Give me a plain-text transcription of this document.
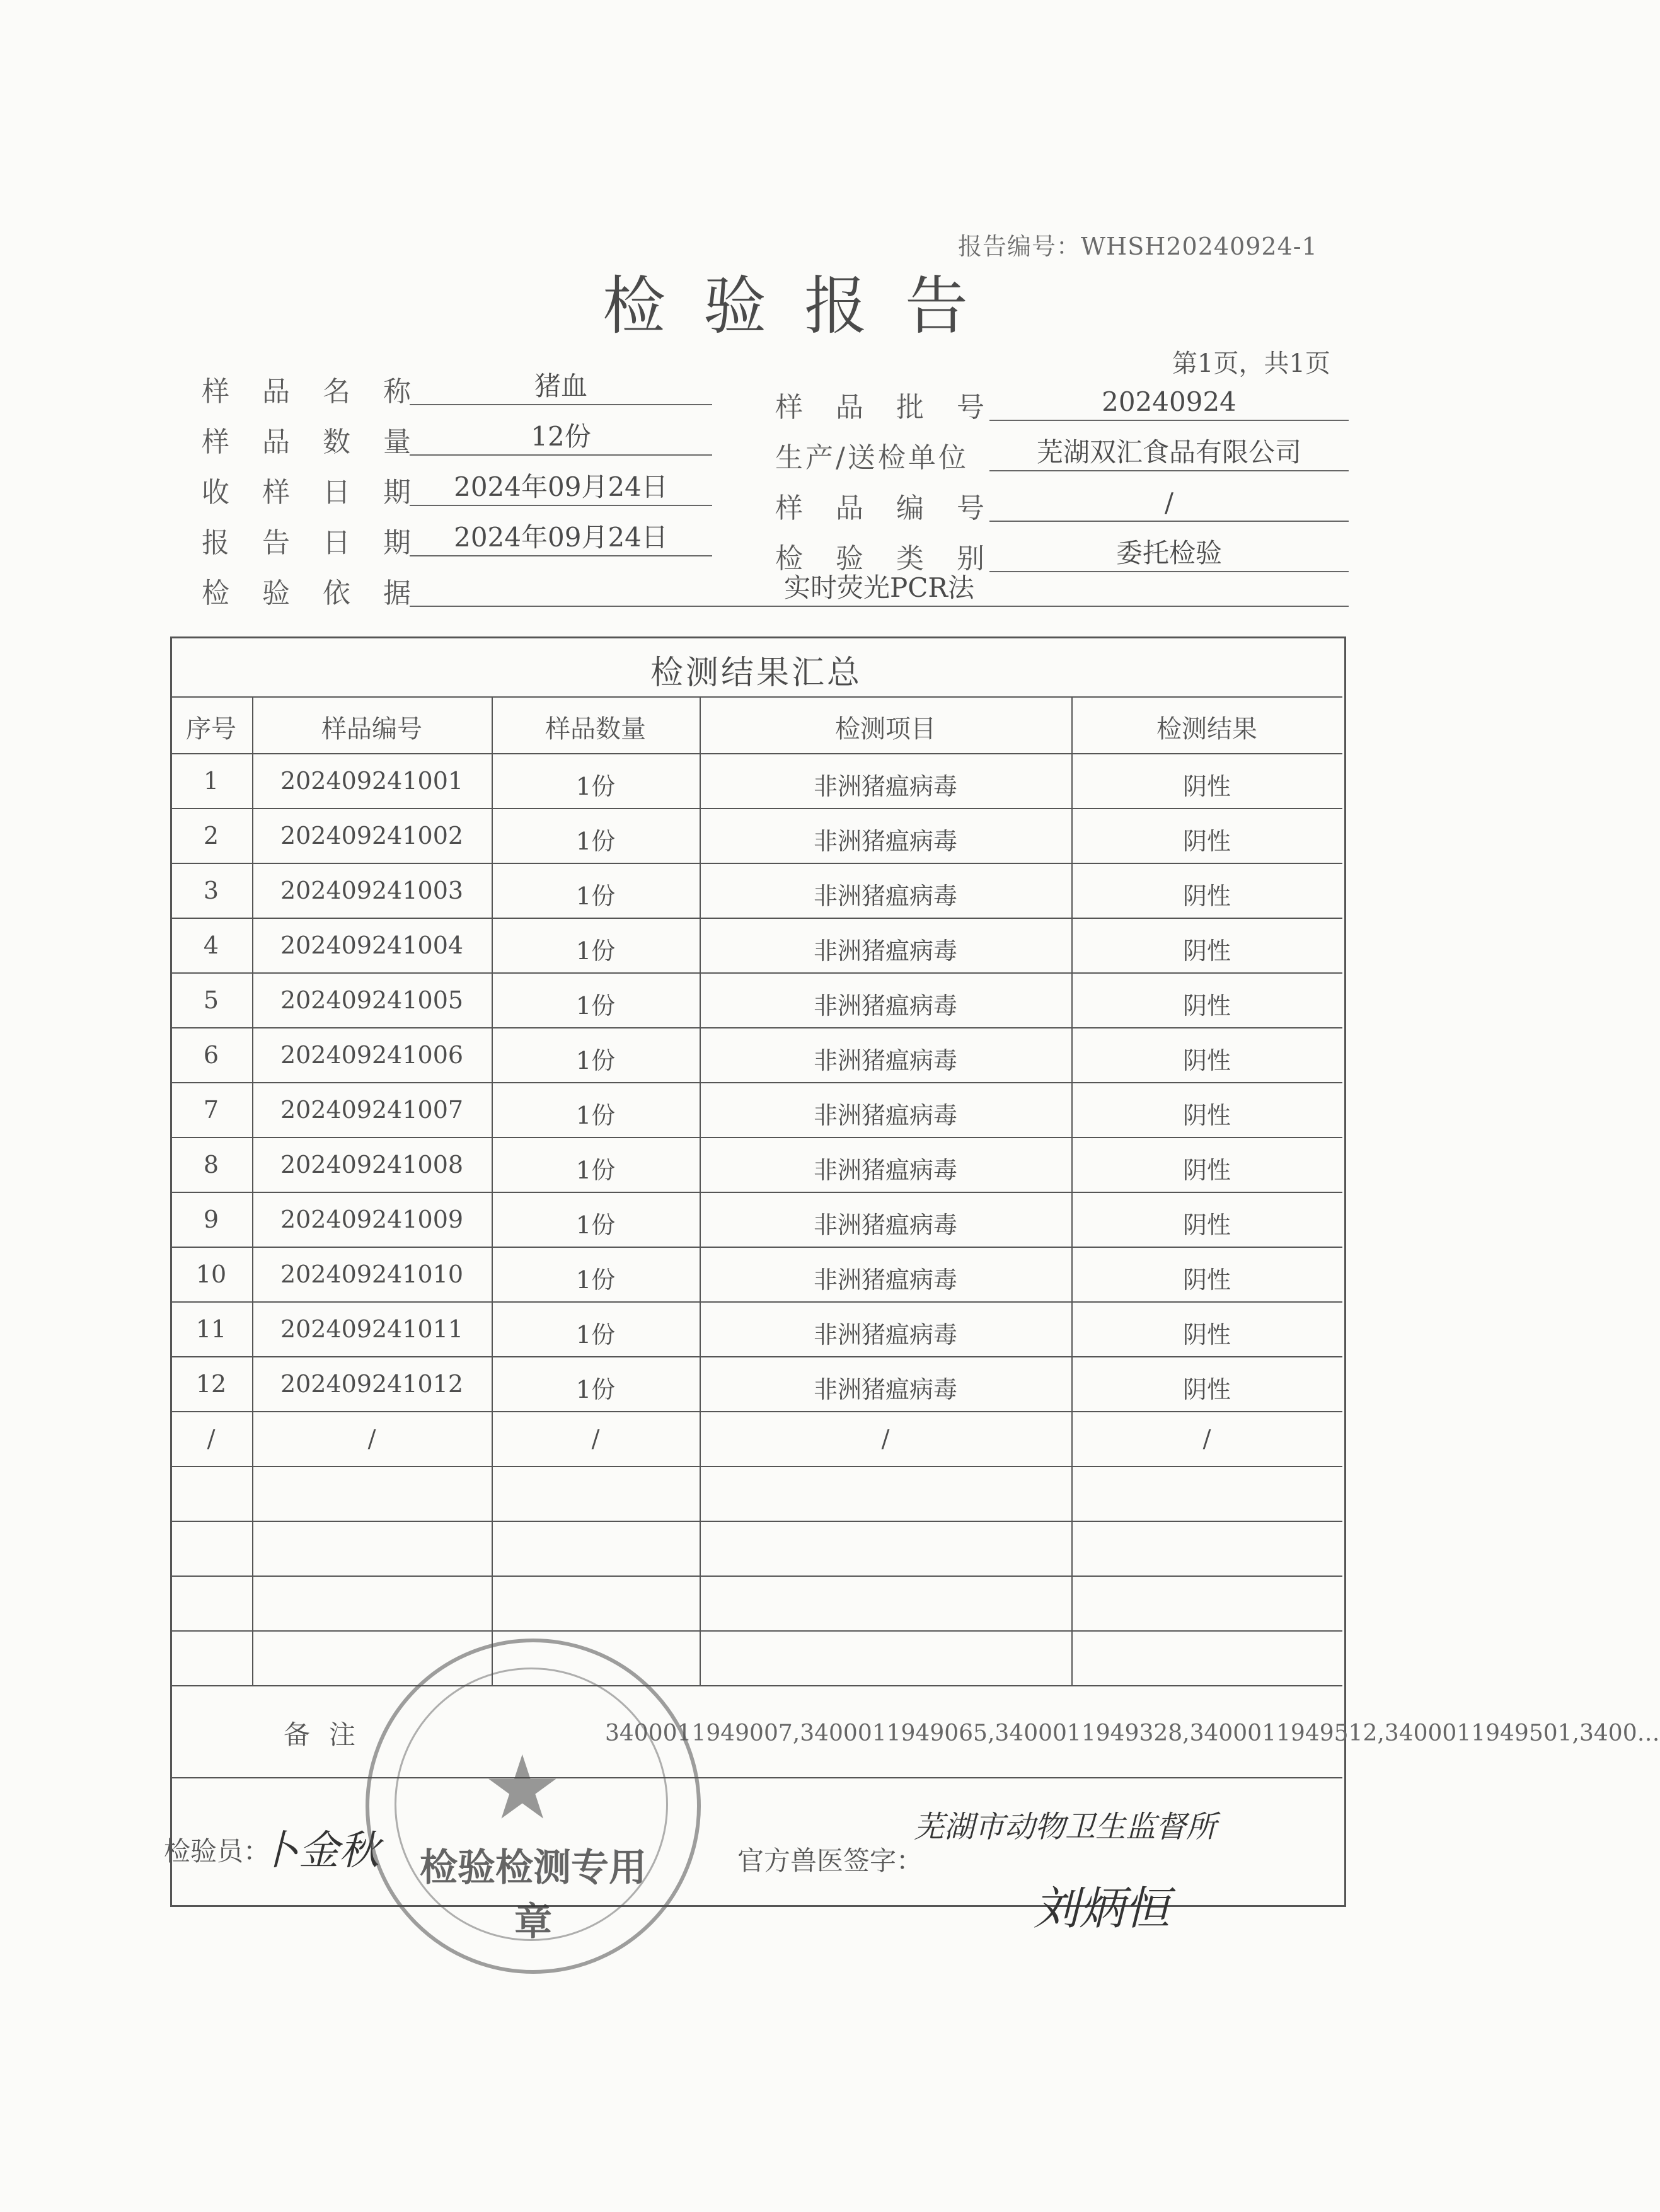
报告编号：WHSH20240924-1
检验报告
第1页，共1页
样品名称	猪血
样品数量	12份
收样日期 2024年09月24日
报告日期 2024年09月24日
检验依据	实时荧光PCR法
样品批号	20240924
生产/送检单位	芜湖双汇食品有限公司
样品编号	/
检验类别	委托检验
检测结果汇总
序号	样品编号	样品数量	检测项目	检测结果
1	202409241001	1份	非洲猪瘟病毒	阴性
2	202409241002	1份	非洲猪瘟病毒	阴性
3	202409241003	1份	非洲猪瘟病毒	阴性
4	202409241004	1份	非洲猪瘟病毒	阴性
5	202409241005	1份	非洲猪瘟病毒	阴性
6	202409241006	1份	非洲猪瘟病毒	阴性
7	202409241007	1份	非洲猪瘟病毒	阴性
8	202409241008	1份	非洲猪瘟病毒	阴性
9	202409241009	1份	非洲猪瘟病毒	阴性
10	202409241010	1份	非洲猪瘟病毒	阴性
11	202409241011	1份	非洲猪瘟病毒	阴性
12	202409241012	1份	非洲猪瘟病毒	阴性
/	/	/	/	/
备注	3400011949007,3400011949065,3400011949328,3400011949512,3400011949501,3400…
检验员：
卜金秋	官方兽医签字：
芜湖市动物卫生监督所
刘炳恒
★
检验检测专用章
